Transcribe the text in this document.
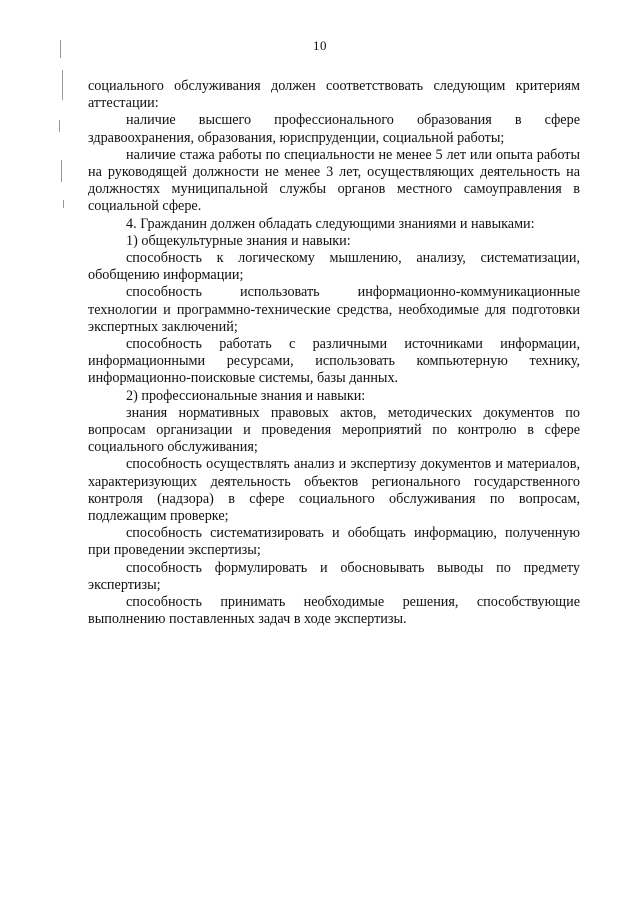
10

социального обслуживания должен соответствовать следующим критериям аттестации:

наличие высшего профессионального образования в сфере здравоохранения, образования, юриспруденции, социальной работы;

наличие стажа работы по специальности не менее 5 лет или опыта работы на руководящей должности не менее 3 лет, осуществляющих деятельность на должностях муниципальной службы органов местного самоуправления в социальной сфере.

4. Гражданин должен обладать следующими знаниями и навыками:

1) общекультурные знания и навыки:

способность к логическому мышлению, анализу, систематизации, обобщению информации;

способность использовать информационно-коммуникационные технологии и программно-технические средства, необходимые для подготовки экспертных заключений;

способность работать с различными источниками информации, информационными ресурсами, использовать компьютерную технику, информационно-поисковые системы, базы данных.

2) профессиональные знания и навыки:

знания нормативных правовых актов, методических документов по вопросам организации и проведения мероприятий по контролю в сфере социального обслуживания;

способность осуществлять анализ и экспертизу документов и материалов, характеризующих деятельность объектов регионального государственного контроля (надзора) в сфере социального обслуживания по вопросам, подлежащим проверке;

способность систематизировать и обобщать информацию, полученную при проведении экспертизы;

способность формулировать и обосновывать выводы по предмету экспертизы;

способность принимать необходимые решения, способствующие выполнению поставленных задач в ходе экспертизы.
